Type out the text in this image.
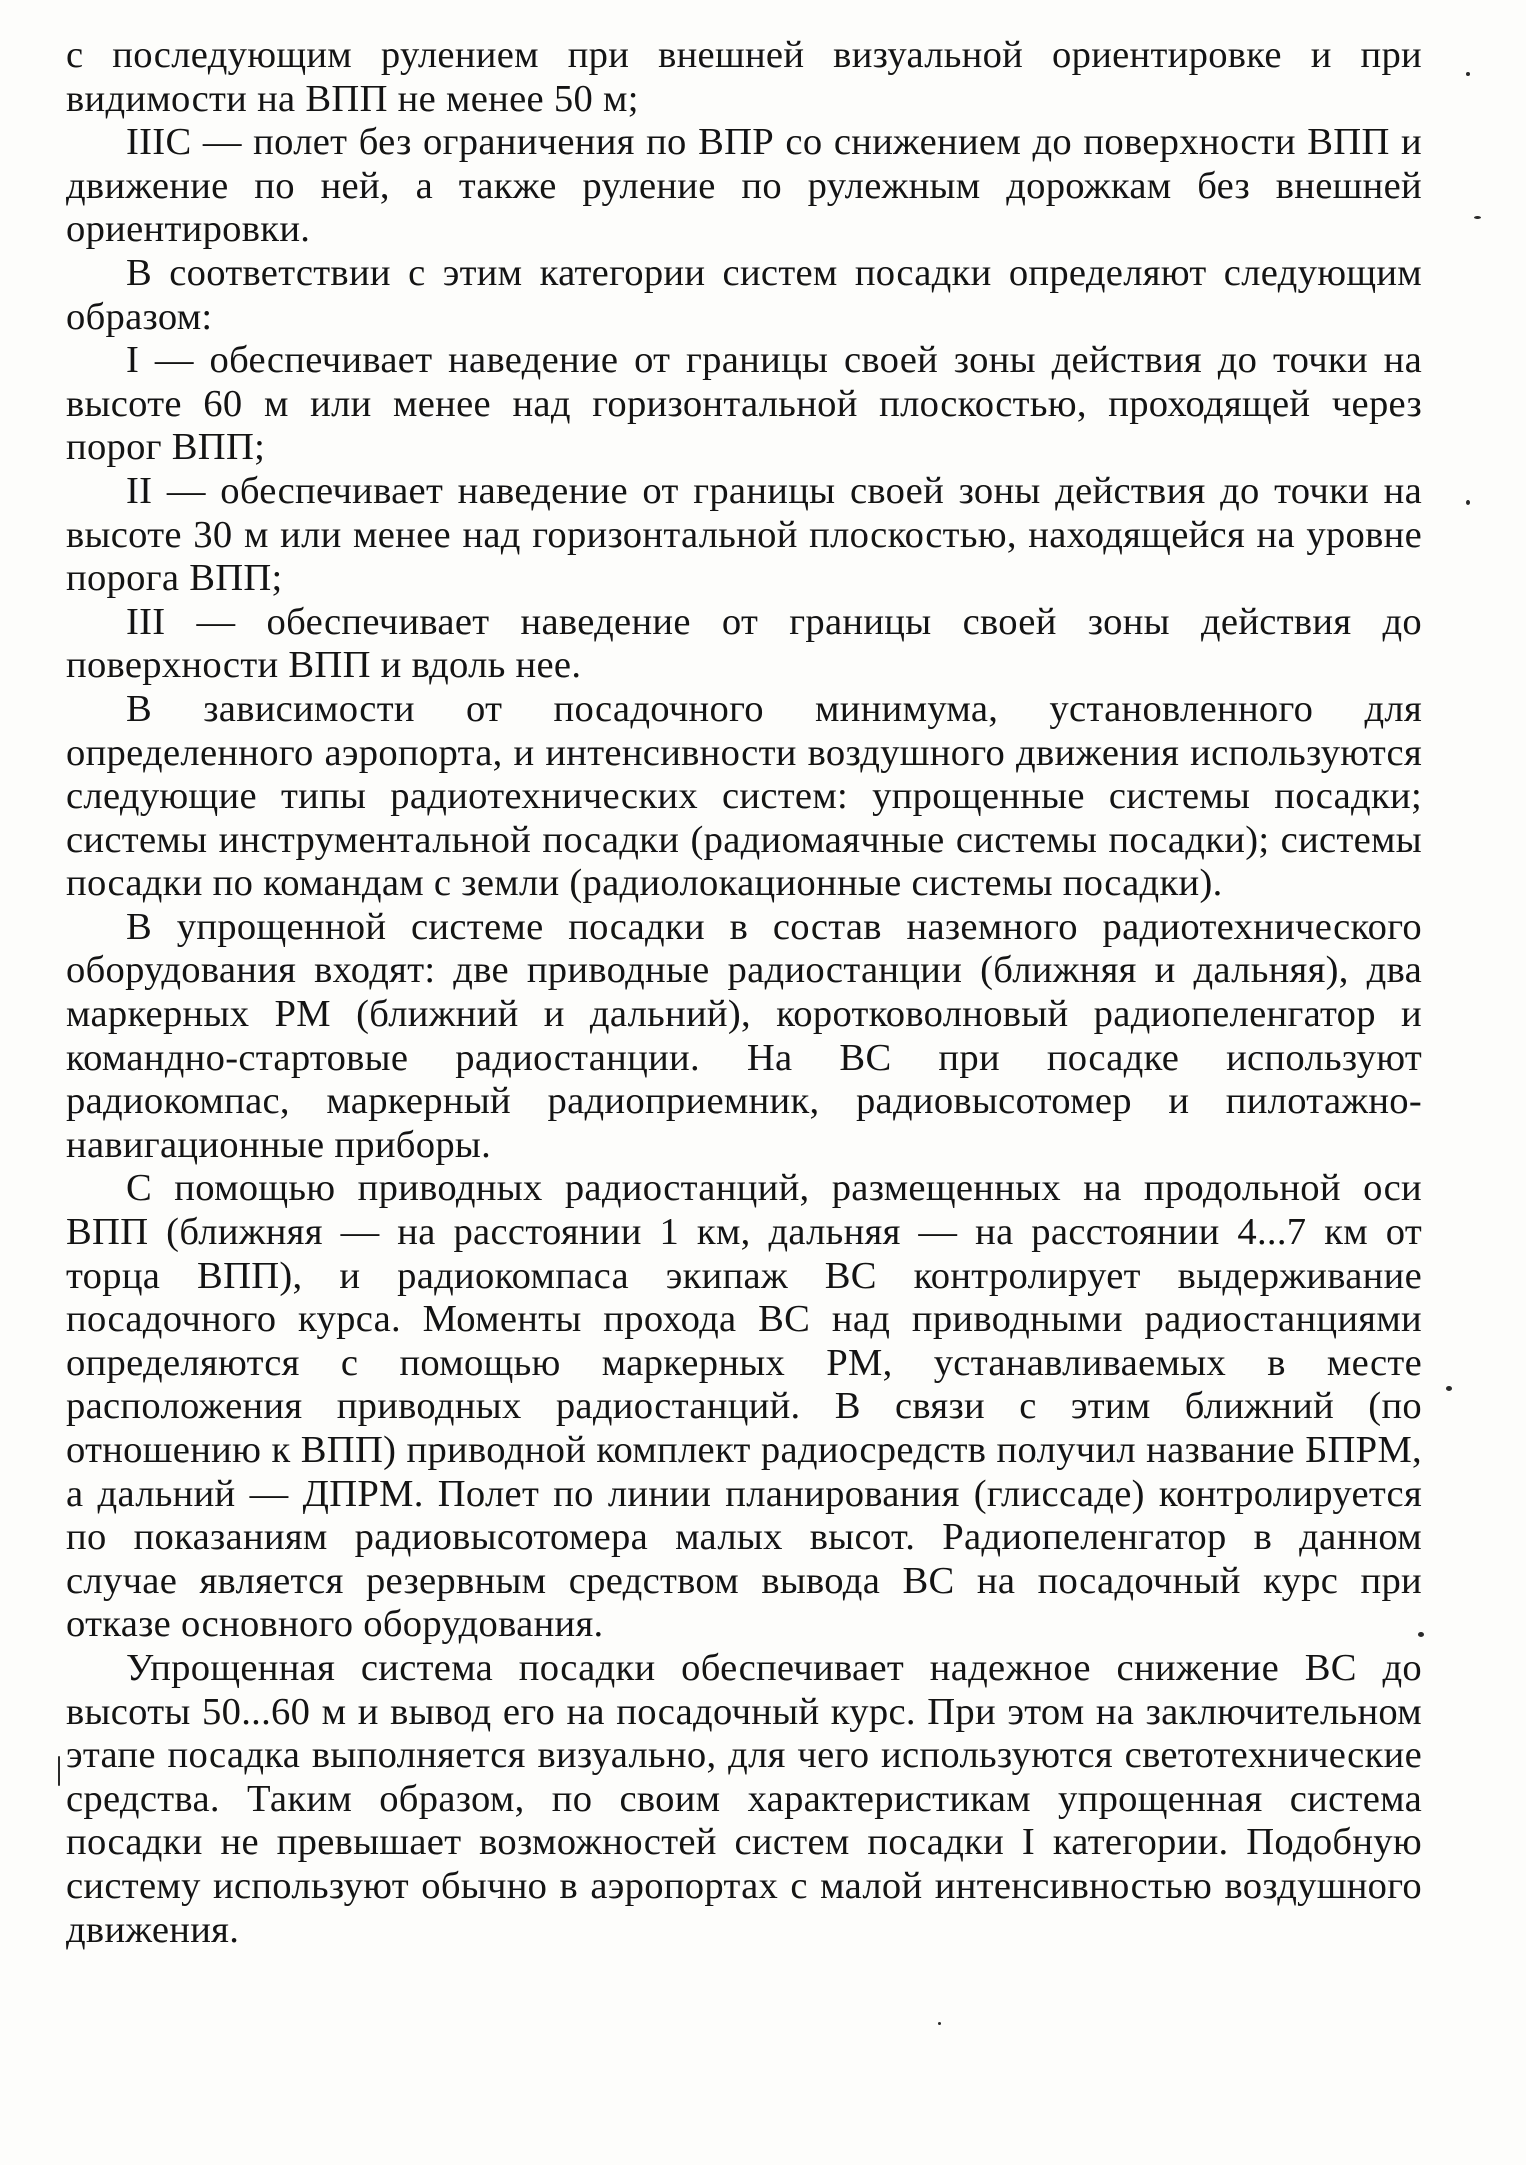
с последующим рулением при внешней визуальной ориентировке и при видимости на ВПП не менее 50 м;

IIIC — полет без ограничения по ВПР со снижением до поверхности ВПП и движение по ней, а также руление по рулежным дорожкам без внешней ориентировки.

В соответствии с этим категории систем посадки определяют следующим образом:

I — обеспечивает наведение от границы своей зоны действия до точки на высоте 60 м или менее над горизонтальной плоскостью, проходящей через порог ВПП;

II — обеспечивает наведение от границы своей зоны действия до точки на высоте 30 м или менее над горизонтальной плоскостью, находящейся на уровне порога ВПП;

III — обеспечивает наведение от границы своей зоны действия до поверхности ВПП и вдоль нее.

В зависимости от посадочного минимума, установленного для определенного аэропорта, и интенсивности воздушного движения используются следующие типы радиотехнических систем: упрощенные системы посадки; системы инструментальной посадки (радиомаячные системы посадки); системы посадки по командам с земли (радиолокационные системы посадки).

В упрощенной системе посадки в состав наземного радиотехнического оборудования входят: две приводные радиостанции (ближняя и дальняя), два маркерных РМ (ближний и дальний), коротковолновый радиопеленгатор и командно-стартовые радиостанции. На ВС при посадке используют радиокомпас, маркерный радиоприемник, радиовысотомер и пилотажно-навигационные приборы.

С помощью приводных радиостанций, размещенных на продольной оси ВПП (ближняя — на расстоянии 1 км, дальняя — на расстоянии 4...7 км от торца ВПП), и радиокомпаса экипаж ВС контролирует выдерживание посадочного курса. Моменты прохода ВС над приводными радиостанциями определяются с помощью маркерных РМ, устанавливаемых в месте расположения приводных радиостанций. В связи с этим ближний (по отношению к ВПП) приводной комплект радиосредств получил название БПРМ, а дальний — ДПРМ. Полет по линии планирования (глиссаде) контролируется по показаниям радиовысотомера малых высот. Радиопеленгатор в данном случае является резервным средством вывода ВС на посадочный курс при отказе основного оборудования.

Упрощенная система посадки обеспечивает надежное снижение ВС до высоты 50...60 м и вывод его на посадочный курс. При этом на заключительном этапе посадка выполняется визуально, для чего используются светотехнические средства. Таким образом, по своим характеристикам упрощенная система посадки не превышает возможностей систем посадки I категории. Подобную систему используют обычно в аэропортах с малой интенсивностью воздушного движения.
